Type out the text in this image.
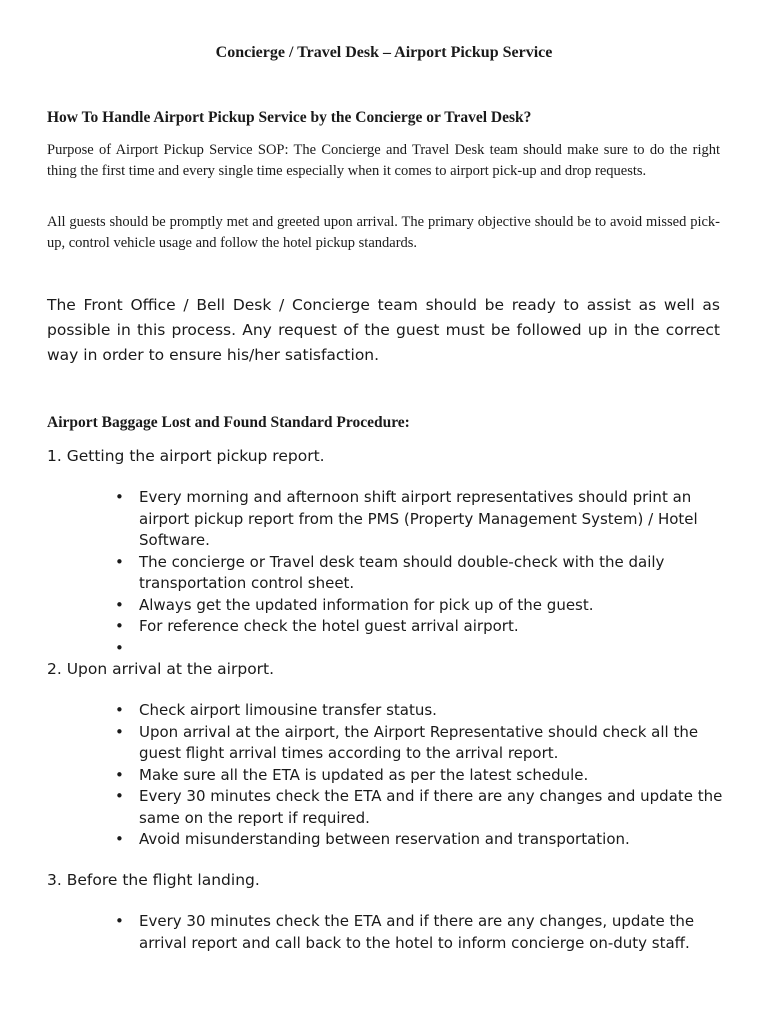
Concierge / Travel Desk – Airport Pickup Service
How To Handle Airport Pickup Service by the Concierge or Travel Desk?

Purpose of Airport Pickup Service SOP: The Concierge and Travel Desk team should make sure to do the right thing the first time and every single time especially when it comes to airport pick-up and drop requests.

All guests should be promptly met and greeted upon arrival. The primary objective should be to avoid missed pick-up, control vehicle usage and follow the hotel pickup standards.

The Front Office / Bell Desk / Concierge team should be ready to assist as well as possible in this process. Any request of the guest must be followed up in the correct way in order to ensure his/her satisfaction.

Airport Baggage Lost and Found Standard Procedure:
1. Getting the airport pickup report.
• Every morning and afternoon shift airport representatives should print an airport pickup report from the PMS (Property Management System) / Hotel Software.
• The concierge or Travel desk team should double-check with the daily transportation control sheet.
• Always get the updated information for pick up of the guest.
• For reference check the hotel guest arrival airport.
•
2. Upon arrival at the airport.
• Check airport limousine transfer status.
• Upon arrival at the airport, the Airport Representative should check all the guest flight arrival times according to the arrival report.
• Make sure all the ETA is updated as per the latest schedule.
• Every 30 minutes check the ETA and if there are any changes and update the same on the report if required.
• Avoid misunderstanding between reservation and transportation.
3. Before the flight landing.
• Every 30 minutes check the ETA and if there are any changes, update the arrival report and call back to the hotel to inform concierge on-duty staff.
